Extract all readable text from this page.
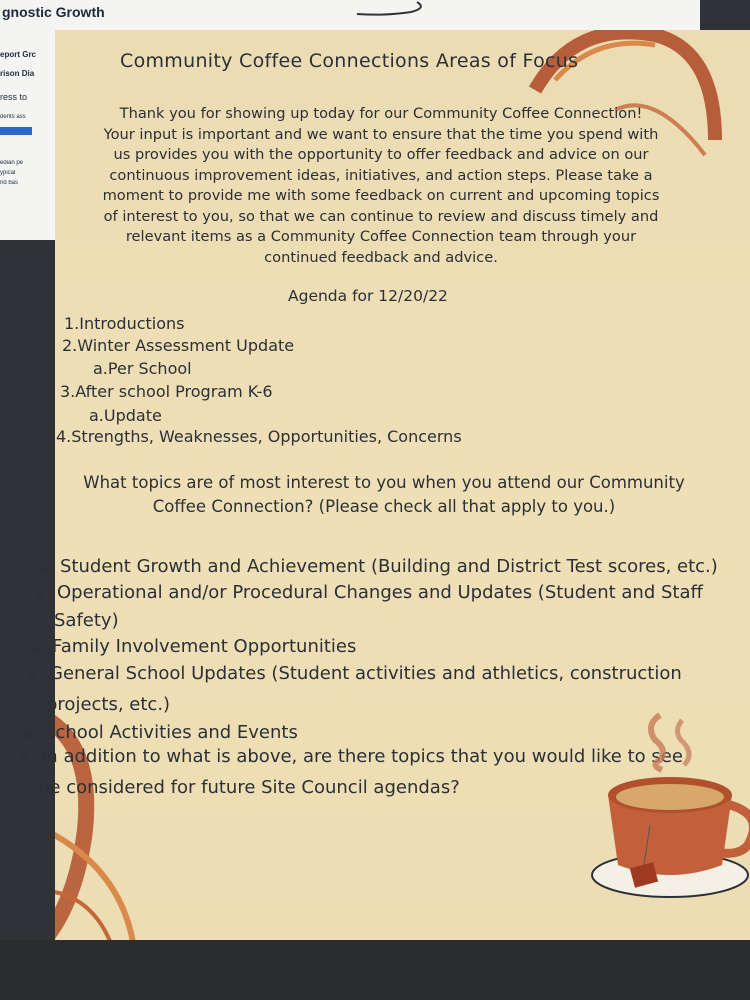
gnostic Growth
eport Grc
rison Dia
ress to
dents ass
edian pe
ypical
nd bas
Community Coffee Connections Areas of Focus
Thank you for showing up today for our Community Coffee Connection!
Your input is important and we want to ensure that the time you spend with
us provides you with the opportunity to offer feedback and advice on our
continuous improvement ideas, initiatives, and action steps. Please take a
moment to provide me with some feedback on current and upcoming topics
of interest to you, so that we can continue to review and discuss timely and
relevant items as a Community Coffee Connection team through your
continued feedback and advice.
Agenda for 12/20/22
1.Introductions
2.Winter Assessment Update
a.Per School
3.After school Program K-6
a.Update
4.Strengths, Weaknesses, Opportunities, Concerns
What topics are of most interest to you when you attend our Community
Coffee Connection? (Please check all that apply to you.)
Student Growth and Achievement (Building and District Test scores, etc.)
Operational and/or Procedural Changes and Updates (Student and Staff
Safety)
Family Involvement Opportunities
General School Updates (Student activities and athletics, construction
projects, etc.)
School Activities and Events
In addition to what is above, are there topics that you would like to see
be considered for future Site Council agendas?
